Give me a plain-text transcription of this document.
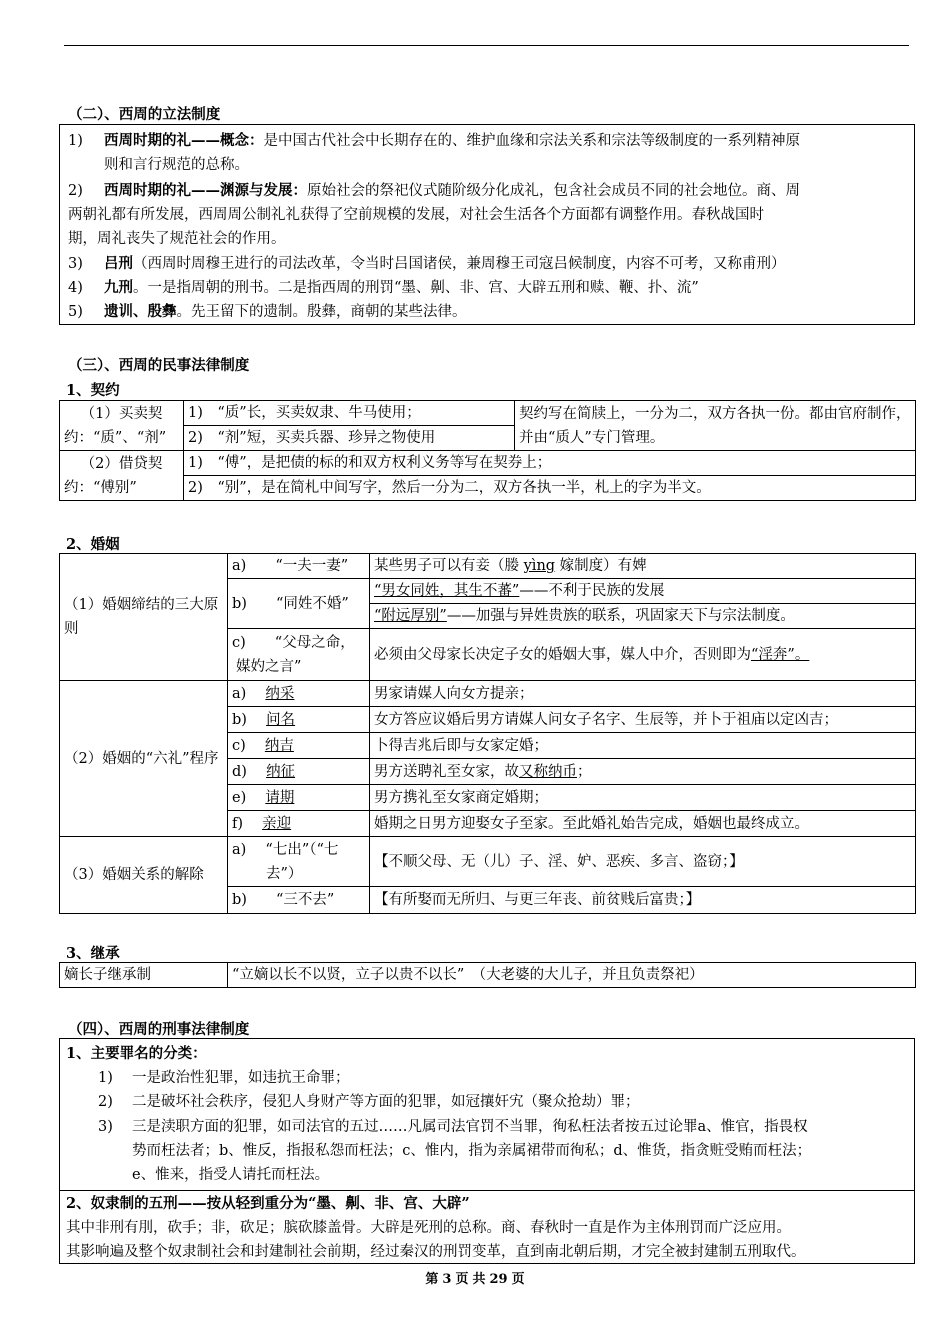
（二）、西周的立法制度
1) 西周时期的礼——概念：是中国古代社会中长期存在的、维护血缘和宗法关系和宗法等级制度的一系列精神原
则和言行规范的总称。
2) 西周时期的礼——渊源与发展：原始社会的祭祀仪式随阶级分化成礼，包含社会成员不同的社会地位。商、周
两朝礼都有所发展，西周周公制礼礼获得了空前规模的发展，对社会生活各个方面都有调整作用。春秋战国时
期，周礼丧失了规范社会的作用。
3) 吕刑（西周时周穆王进行的司法改革，令当时吕国诸侯，兼周穆王司寇吕候制度，内容不可考，又称甫刑）
4) 九刑。一是指周朝的刑书。二是指西周的刑罚“墨、劓、非、宫、大辟五刑和赎、鞭、扑、流”
5) 遗训、殷彝。先王留下的遗制。殷彝，商朝的某些法律。
（三）、西周的民事法律制度
1、契约
（1）买卖契
约：“质”、“剂”	1)　“质”长，买卖奴隶、牛马使用；	契约写在简牍上，一分为二，双方各执一份。都由官府制作，并由“质人”专门管理。
	2)　“剂”短，买卖兵器、珍异之物使用	

（2）借贷契
约：“傅别”	1)　“傅”，是把债的标的和双方权利义务等写在契券上；	
	2)　“别”，是在简札中间写字，然后一分为二，双方各执一半，札上的字为半文。	
2、婚姻
（1）婚姻缔结的三大原则	a)　　 “一夫一妻”	某些男子可以有妾（媵 yìng 嫁制度）有婢
	b)　　 “同姓不婚”	“男女同姓，其生不蕃”——不利于民族的发展
		“附远厚别”——加强与异姓贵族的联系，巩固家天下与宗法制度。

	c)　　 “父母之命，
媒妁之言”	必须由父母家长决定子女的婚姻大事，媒人中介，否则即为“淫奔”。
（2）婚姻的“六礼”程序	a)　 纳采	男家请媒人向女方提亲；
	b)　 问名	女方答应议婚后男方请媒人问女子名字、生辰等，并卜于祖庙以定凶吉；
	c)　 纳吉	卜得吉兆后即与女家定婚；
	d)　 纳征	男方送聘礼至女家，故又称纳币；
	e)　 请期	男方携礼至女家商定婚期；
	f)　 亲迎	婚期之日男方迎娶女子至家。至此婚礼始告完成，婚姻也最终成立。
（3）婚姻关系的解除	a)　 “七出”（“七
去”）	【不顺父母、无（儿）子、淫、妒、恶疾、多言、盗窃；】
	b)　　 “三不去”	【有所娶而无所归、与更三年丧、前贫贱后富贵；】
3、继承
嫡长子继承制	“立嫡以长不以贤，立子以贵不以长”　（大老婆的大儿子，并且负责祭祀）
（四）、西周的刑事法律制度
1、主要罪名的分类：
1) 一是政治性犯罪，如违抗王命罪；
2) 二是破坏社会秩序，侵犯人身财产等方面的犯罪，如冠攘奸宄（聚众抢劫）罪；
3) 三是渎职方面的犯罪，如司法官的五过……凡属司法官罚不当罪，徇私枉法者按五过论罪a、惟官，指畏权
势而枉法者；b、惟反，指报私怨而枉法；c、惟内，指为亲属裙带而徇私；d、惟货，指贪赃受贿而枉法；
e、惟来，指受人请托而枉法。
2、奴隶制的五刑——按从轻到重分为“墨、劓、非、宫、大辟”
其中非刑有刖，砍手；非，砍足；膑砍膝盖骨。大辟是死刑的总称。商、春秋时一直是作为主体刑罚而广泛应用。
其影响遍及整个奴隶制社会和封建制社会前期，经过秦汉的刑罚变革，直到南北朝后期，才完全被封建制五刑取代。
第 3 页 共 29 页
